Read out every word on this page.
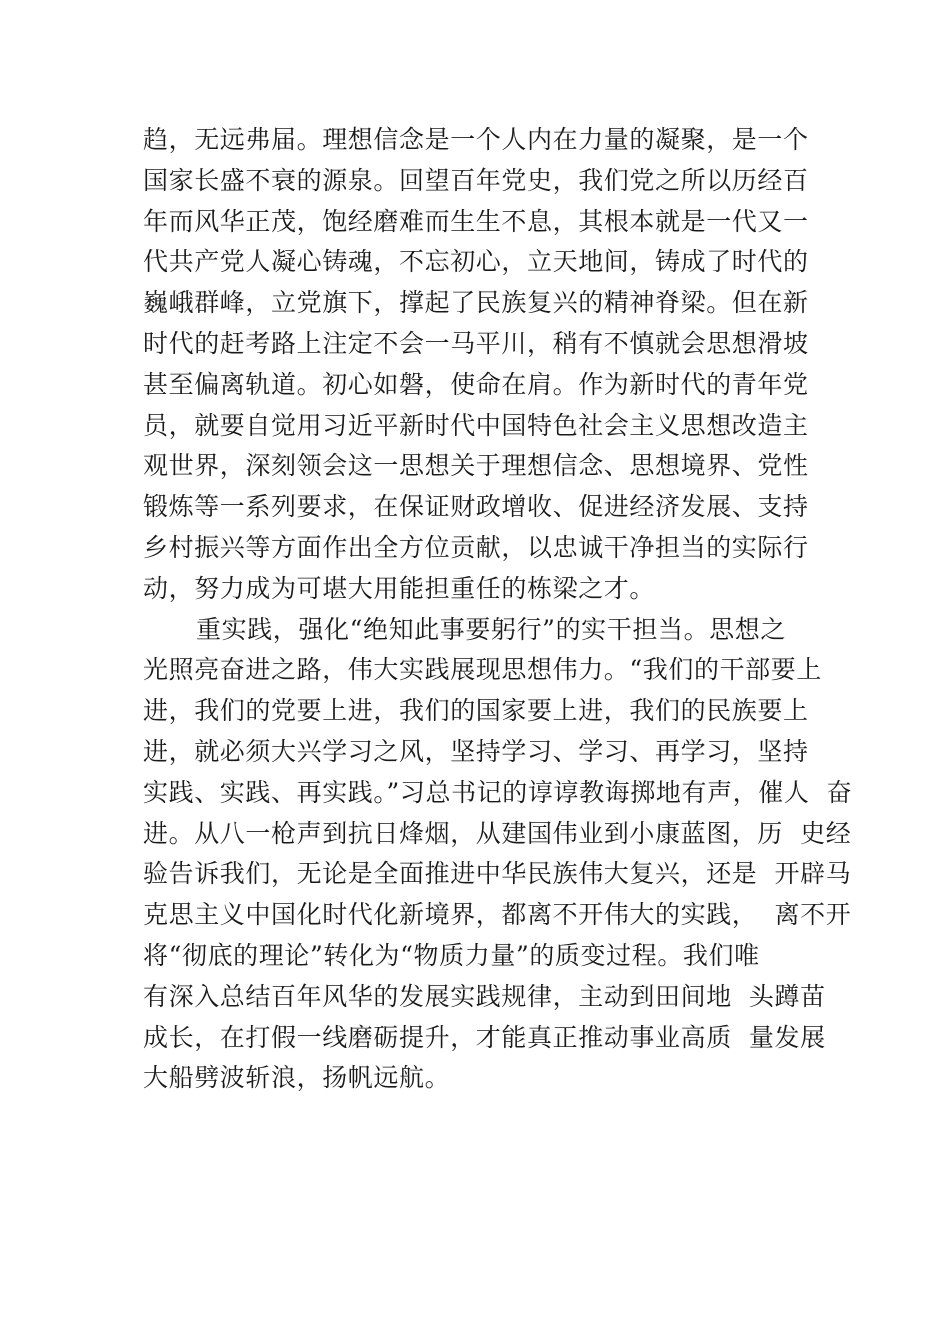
趋，无远弗届。理想信念是一个人内在力量的凝聚，是一个
国家长盛不衰的源泉。回望百年党史，我们党之所以历经百
年而风华正茂，饱经磨难而生生不息，其根本就是一代又一
代共产党人凝心铸魂，不忘初心，立天地间，铸成了时代的
巍峨群峰，立党旗下，撑起了民族复兴的精神脊梁。但在新
时代的赶考路上注定不会一马平川，稍有不慎就会思想滑坡
甚至偏离轨道。初心如磐，使命在肩。作为新时代的青年党
员，就要自觉用习近平新时代中国特色社会主义思想改造主
观世界，深刻领会这一思想关于理想信念、思想境界、党性
锻炼等一系列要求，在保证财政增收、促进经济发展、支持
乡村振兴等方面作出全方位贡献，以忠诚干净担当的实际行
动，努力成为可堪大用能担重任的栋梁之才。
重实践，强化“绝知此事要躬行”的实干担当。思想之
光照亮奋进之路，伟大实践展现思想伟力。“我们的干部要上
进，我们的党要上进，我们的国家要上进，我们的民族要上
进，就必须大兴学习之风，坚持学习、学习、再学习，坚持
实践、实践、再实践。”习总书记的谆谆教诲掷地有声，催人  奋
进。从八一枪声到抗日烽烟，从建国伟业到小康蓝图，历  史经
验告诉我们，无论是全面推进中华民族伟大复兴，还是  开辟马
克思主义中国化时代化新境界，都离不开伟大的实践，  离不开
将“彻底的理论”转化为“物质力量”的质变过程。我们唯
有深入总结百年风华的发展实践规律，主动到田间地  头蹲苗
成长，在打假一线磨砺提升，才能真正推动事业高质  量发展
大船劈波斩浪，扬帆远航。
